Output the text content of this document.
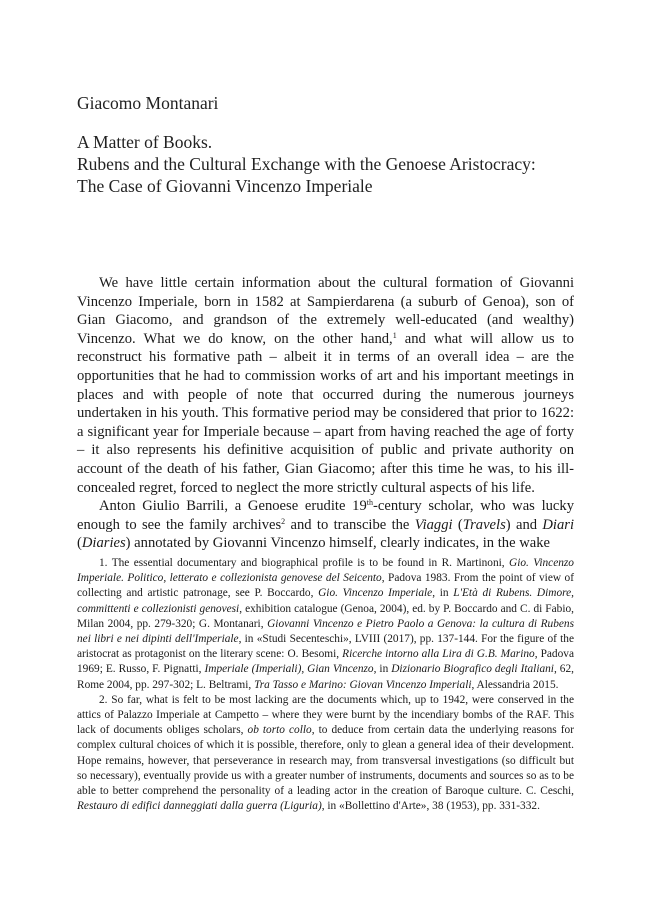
Giacomo Montanari
A Matter of Books.
Rubens and the Cultural Exchange with the Genoese Aristocracy:
The Case of Giovanni Vincenzo Imperiale

We have little certain information about the cultural formation of Giovanni Vincenzo Imperiale, born in 1582 at Sampierdarena (a suburb of Genoa), son of Gian Giacomo, and grandson of the extremely well-educated (and wealthy) Vincenzo. What we do know, on the other hand,$^1$ and what will allow us to reconstruct his formative path – albeit it in terms of an overall idea – are the opportunities that he had to commission works of art and his important meetings in places and with people of note that occurred during the numerous journeys undertaken in his youth. This formative period may be considered that prior to 1622: a significant year for Imperiale because – apart from having reached the age of forty – it also represents his definitive acquisition of public and private authority on account of the death of his father, Gian Giacomo; after this time he was, to his ill-concealed regret, forced to neglect the more strictly cultural aspects of his life.

Anton Giulio Barrili, a Genoese erudite 19th-century scholar, who was lucky enough to see the family archives$^2$ and to transcibe the Viaggi (Travels) and Diari (Diaries) annotated by Giovanni Vincenzo himself, clearly indicates, in the wake

1. The essential documentary and biographical profile is to be found in R. Martinoni, Gio. Vincenzo Imperiale. Politico, letterato e collezionista genovese del Seicento, Padova 1983. From the point of view of collecting and artistic patronage, see P. Boccardo, Gio. Vincenzo Imperiale, in L'Età di Rubens. Dimore, committenti e collezionisti genovesi, exhibition catalogue (Genoa, 2004), ed. by P. Boccardo and C. di Fabio, Milan 2004, pp. 279-320; G. Montanari, Giovanni Vincenzo e Pietro Paolo a Genova: la cultura di Rubens nei libri e nei dipinti dell'Imperiale, in «Studi Secenteschi», LVIII (2017), pp. 137-144. For the figure of the aristocrat as protagonist on the literary scene: O. Besomi, Ricerche intorno alla Lira di G.B. Marino, Padova 1969; E. Russo, F. Pignatti, Imperiale (Imperiali), Gian Vincenzo, in Dizionario Biografico degli Italiani, 62, Rome 2004, pp. 297-302; L. Beltrami, Tra Tasso e Marino: Giovan Vincenzo Imperiali, Alessandria 2015.

2. So far, what is felt to be most lacking are the documents which, up to 1942, were conserved in the attics of Palazzo Imperiale at Campetto – where they were burnt by the incendiary bombs of the RAF. This lack of documents obliges scholars, ob torto collo, to deduce from certain data the underlying reasons for complex cultural choices of which it is possible, therefore, only to glean a general idea of their development. Hope remains, however, that perseverance in research may, from transversal investigations (so difficult but so necessary), eventually provide us with a greater number of instruments, documents and sources so as to be able to better comprehend the personality of a leading actor in the creation of Baroque culture. C. Ceschi, Restauro di edifici danneggiati dalla guerra (Liguria), in «Bollettino d'Arte», 38 (1953), pp. 331-332.
